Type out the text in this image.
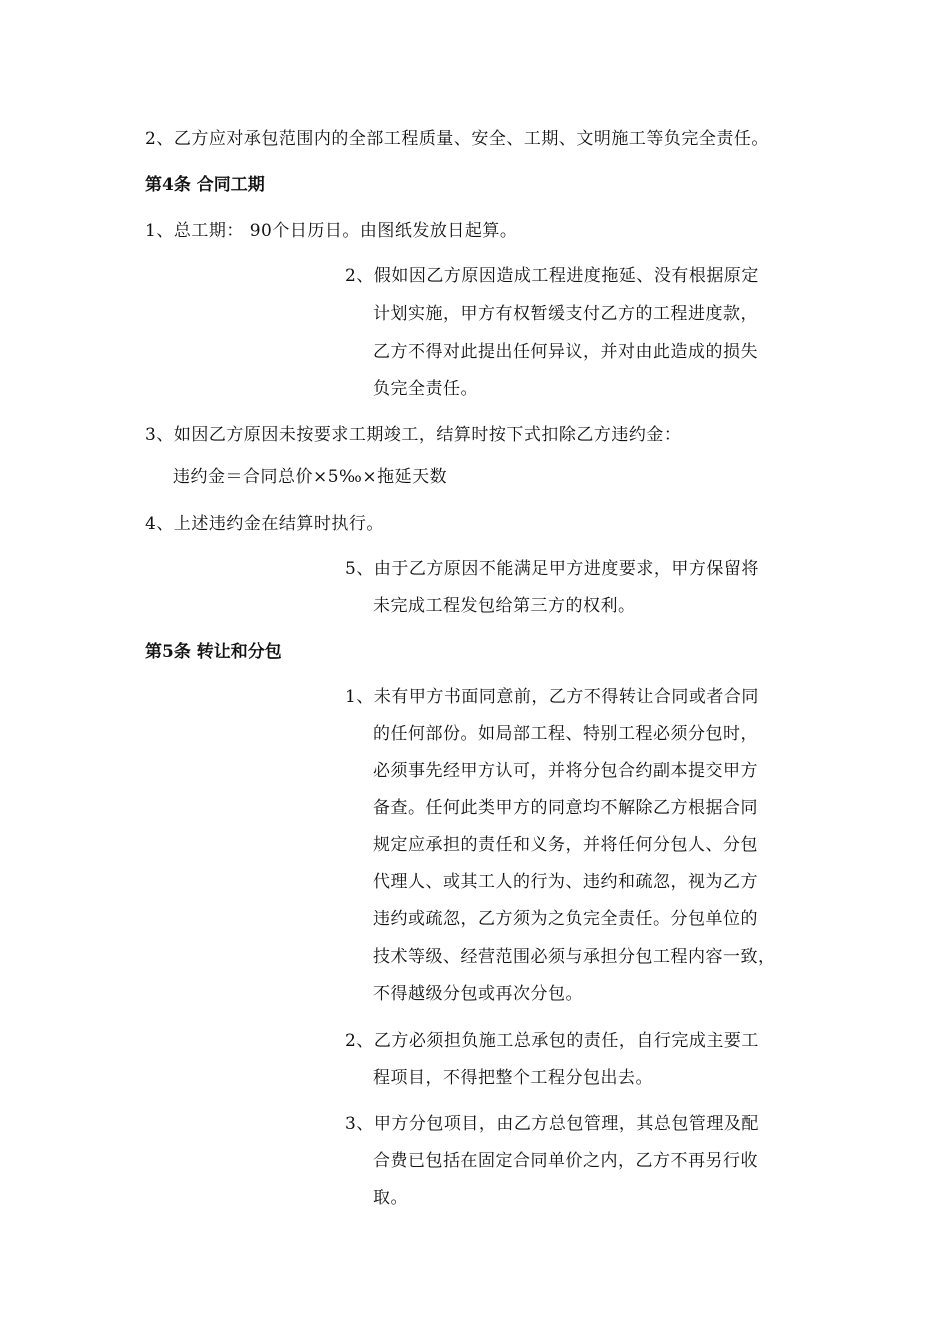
2、乙方应对承包范围内的全部工程质量、安全、工期、文明施工等负完全责任。
第4条 合同工期
1、总工期： 90个日历日。由图纸发放日起算。
2、假如因乙方原因造成工程进度拖延、没有根据原定
计划实施，甲方有权暂缓支付乙方的工程进度款，
乙方不得对此提出任何异议，并对由此造成的损失
负完全责任。
3、如因乙方原因未按要求工期竣工，结算时按下式扣除乙方违约金：
违约金＝合同总价×5‰×拖延天数
4、上述违约金在结算时执行。
5、由于乙方原因不能满足甲方进度要求，甲方保留将
未完成工程发包给第三方的权利。
第5条 转让和分包
1、未有甲方书面同意前，乙方不得转让合同或者合同
的任何部份。如局部工程、特别工程必须分包时，
必须事先经甲方认可，并将分包合约副本提交甲方
备查。任何此类甲方的同意均不解除乙方根据合同
规定应承担的责任和义务，并将任何分包人、分包
代理人、或其工人的行为、违约和疏忽，视为乙方
违约或疏忽，乙方须为之负完全责任。分包单位的
技术等级、经营范围必须与承担分包工程内容一致，
不得越级分包或再次分包。
2、乙方必须担负施工总承包的责任，自行完成主要工
程项目，不得把整个工程分包出去。
3、甲方分包项目，由乙方总包管理，其总包管理及配
合费已包括在固定合同单价之内，乙方不再另行收
取。
